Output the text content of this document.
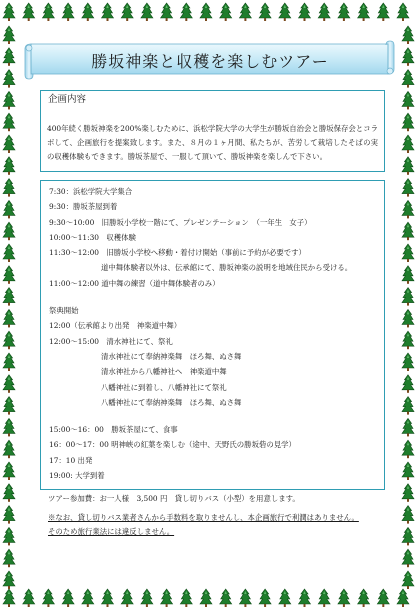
勝坂神楽と収穫を楽しむツアー
企画内容
400年続く勝坂神楽を200%楽しむために、浜松学院大学の大学生が勝坂自治会と勝坂保存会とコラボして、企画旅行を提案致します。また、８月の１ヶ月間、私たちが、苦労して栽培したそばの実の収穫体験もできます。勝坂茶屋で、一服して頂いて、勝坂神楽を楽しんで下さい。
7:30：浜松学院大学集合
9:30：勝坂茶屋到着
9:30～10:00　旧勝坂小学校一階にて、プレゼンテーション　（一年生　女子）
10:00～11:30　収穫体験
11:30～12:00　旧勝坂小学校へ移動・着付け開始（事前に予約が必要です）
道中舞体験者以外は、伝承館にて、勝坂神楽の説明を地域住民から受ける。
11:00～12:00 道中舞の練習（道中舞体験者のみ）
祭典開始
12:00（伝承館より出発　神楽道中舞）
12:00～15:00　清水神社にて、祭礼
清水神社にて奉納神楽舞　ほろ舞、ぬさ舞
清水神社から八幡神社へ　神楽道中舞
八幡神社に到着し、八幡神社にて祭礼
八幡神社にて奉納神楽舞　ほろ舞、ぬさ舞
15:00～16：00　勝坂茶屋にて、食事
16：00～17：00 明神峡の紅葉を楽しむ（途中、天野氏の勝坂砦の見学）
17：10 出発
19:00: 大学到着
ツアー参加費：お一人様　3,500 円　貸し切りバス（小型）を用意します。
※なお、貸し切りバス業者さんから手数料を取りませんし、本企画旅行で利潤はありません。
そのため旅行業法には違反しません。
